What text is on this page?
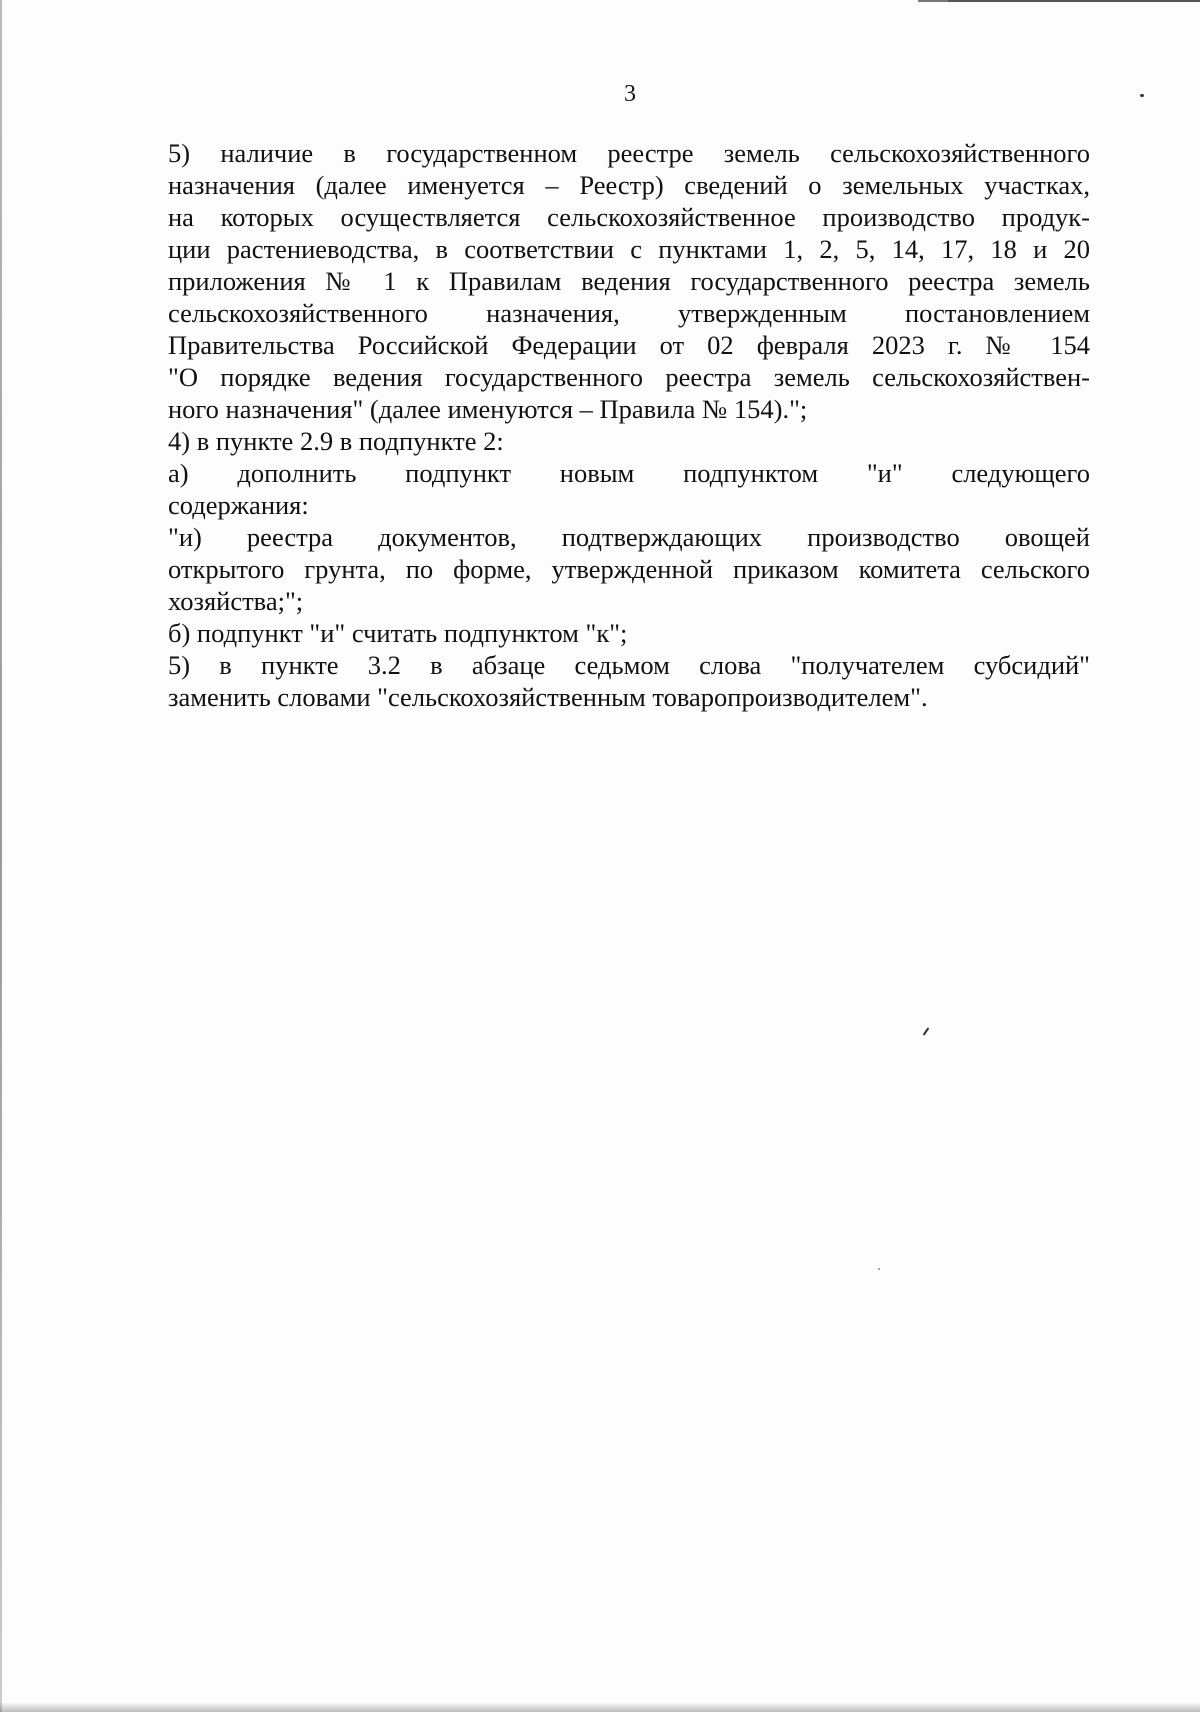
3

5) наличие в государственном реестре земель сельскохозяйственного

назначения (далее именуется – Реестр) сведений о земельных участках,

на которых осуществляется сельскохозяйственное производство продук-

ции растениеводства, в соответствии с пунктами 1, 2, 5, 14, 17, 18 и 20

приложения № 1 к Правилам ведения государственного реестра земель

сельскохозяйственного назначения, утвержденным постановлением

Правительства Российской Федерации от 02 февраля 2023 г. № 154

"О порядке ведения государственного реестра земель сельскохозяйствен-

ного назначения" (далее именуются – Правила № 154).";

4) в пункте 2.9 в подпункте 2:

а) дополнить подпункт новым подпунктом "и" следующего

содержания:

"и) реестра документов, подтверждающих производство овощей

открытого грунта, по форме, утвержденной приказом комитета сельского

хозяйства;";

б) подпункт "и" считать подпунктом "к";

5) в пункте 3.2 в абзаце седьмом слова "получателем субсидий"

заменить словами "сельскохозяйственным товаропроизводителем".
